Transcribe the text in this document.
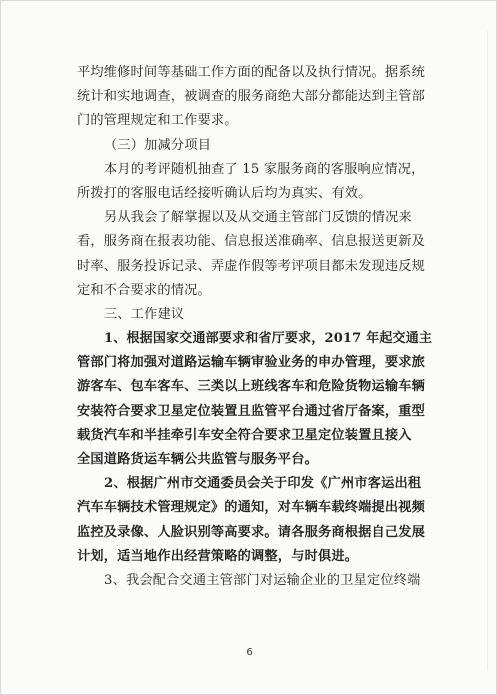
平均维修时间等基础工作方面的配备以及执行情况。据系统
统计和实地调查，被调查的服务商绝大部分都能达到主管部
门的管理规定和工作要求。
（三）加减分项目
本月的考评随机抽查了 15 家服务商的客服响应情况，
所拨打的客服电话经接听确认后均为真实、有效。
另从我会了解掌握以及从交通主管部门反馈的情况来
看，服务商在报表功能、信息报送准确率、信息报送更新及
时率、服务投诉记录、弄虚作假等考评项目都未发现违反规
定和不合要求的情况。
三、工作建议
1、根据国家交通部要求和省厅要求，2017 年起交通主
管部门将加强对道路运输车辆审验业务的申办管理，要求旅
游客车、包车客车、三类以上班线客车和危险货物运输车辆
安装符合要求卫星定位装置且监管平台通过省厅备案，重型
载货汽车和半挂牵引车安全符合要求卫星定位装置且接入
全国道路货运车辆公共监管与服务平台。
2、根据广州市交通委员会关于印发《广州市客运出租
汽车车辆技术管理规定》的通知，对车辆车载终端提出视频
监控及录像、人脸识别等高要求。请各服务商根据自己发展
计划，适当地作出经营策略的调整，与时俱进。
3、我会配合交通主管部门对运输企业的卫星定位终端
6
